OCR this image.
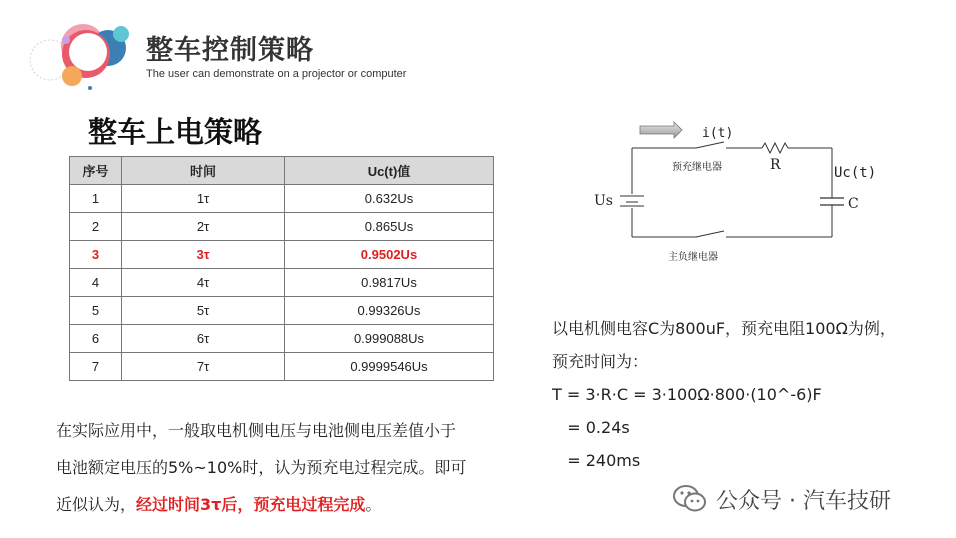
整车控制策略
The user can demonstrate on a projector or computer
整车上电策略
序号	时间	Uc(t)值
1	1τ	0.632Us
2	2τ	0.865Us
3	3τ	0.9502Us
4	4τ	0.9817Us
5	5τ	0.99326Us
6	6τ	0.999088Us
7	7τ	0.9999546Us
在实际应用中，一般取电机侧电压与电池侧电压差值小于
电池额定电压的5%~10%时，认为预充电过程完成。即可
近似认为，经过时间3τ后，预充电过程完成。
i(t)
预充继电器	R	Uc(t)
C
Us
主负继电器
以电机侧电容C为800uF，预充电阻100Ω为例，
预充时间为：
T = 3·R·C = 3·100Ω·800·(10^-6)F
= 0.24s
= 240ms
公众号 · 汽车技研
